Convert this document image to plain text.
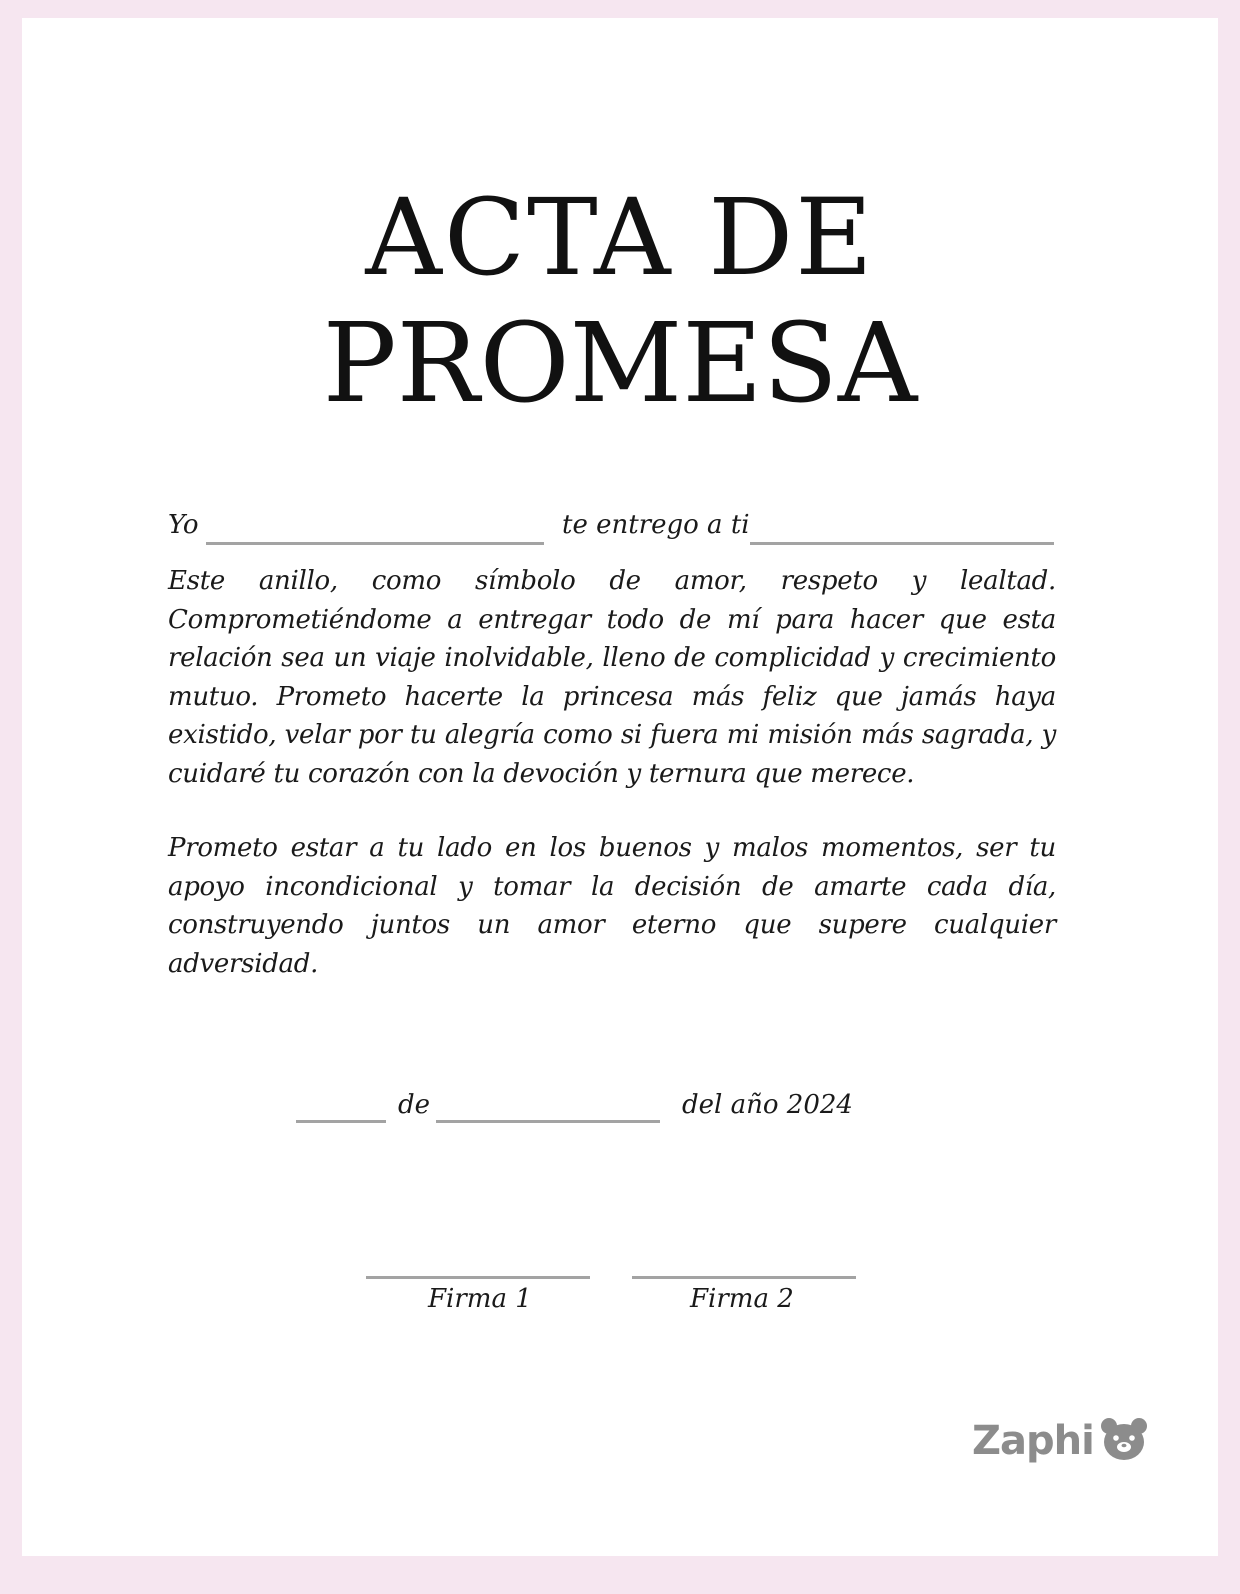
ACTA DE
PROMESA
Yo	te entrego a ti

Este anillo, como símbolo de amor, respeto y lealtad. Comprometiéndome a entregar todo de mí para hacer que esta relación sea un viaje inolvidable, lleno de complicidad y crecimiento mutuo. Prometo hacerte la princesa más feliz que jamás haya existido, velar por tu alegría como si fuera mi misión más sagrada, y cuidaré tu corazón con la devoción y ternura que merece.

Prometo estar a tu lado en los buenos y malos momentos, ser tu apoyo incondicional y tomar la decisión de amarte cada día, construyendo juntos un amor eterno que supere cualquier adversidad.

de	del año 2024
Firma 1	Firma 2
Zaphi
